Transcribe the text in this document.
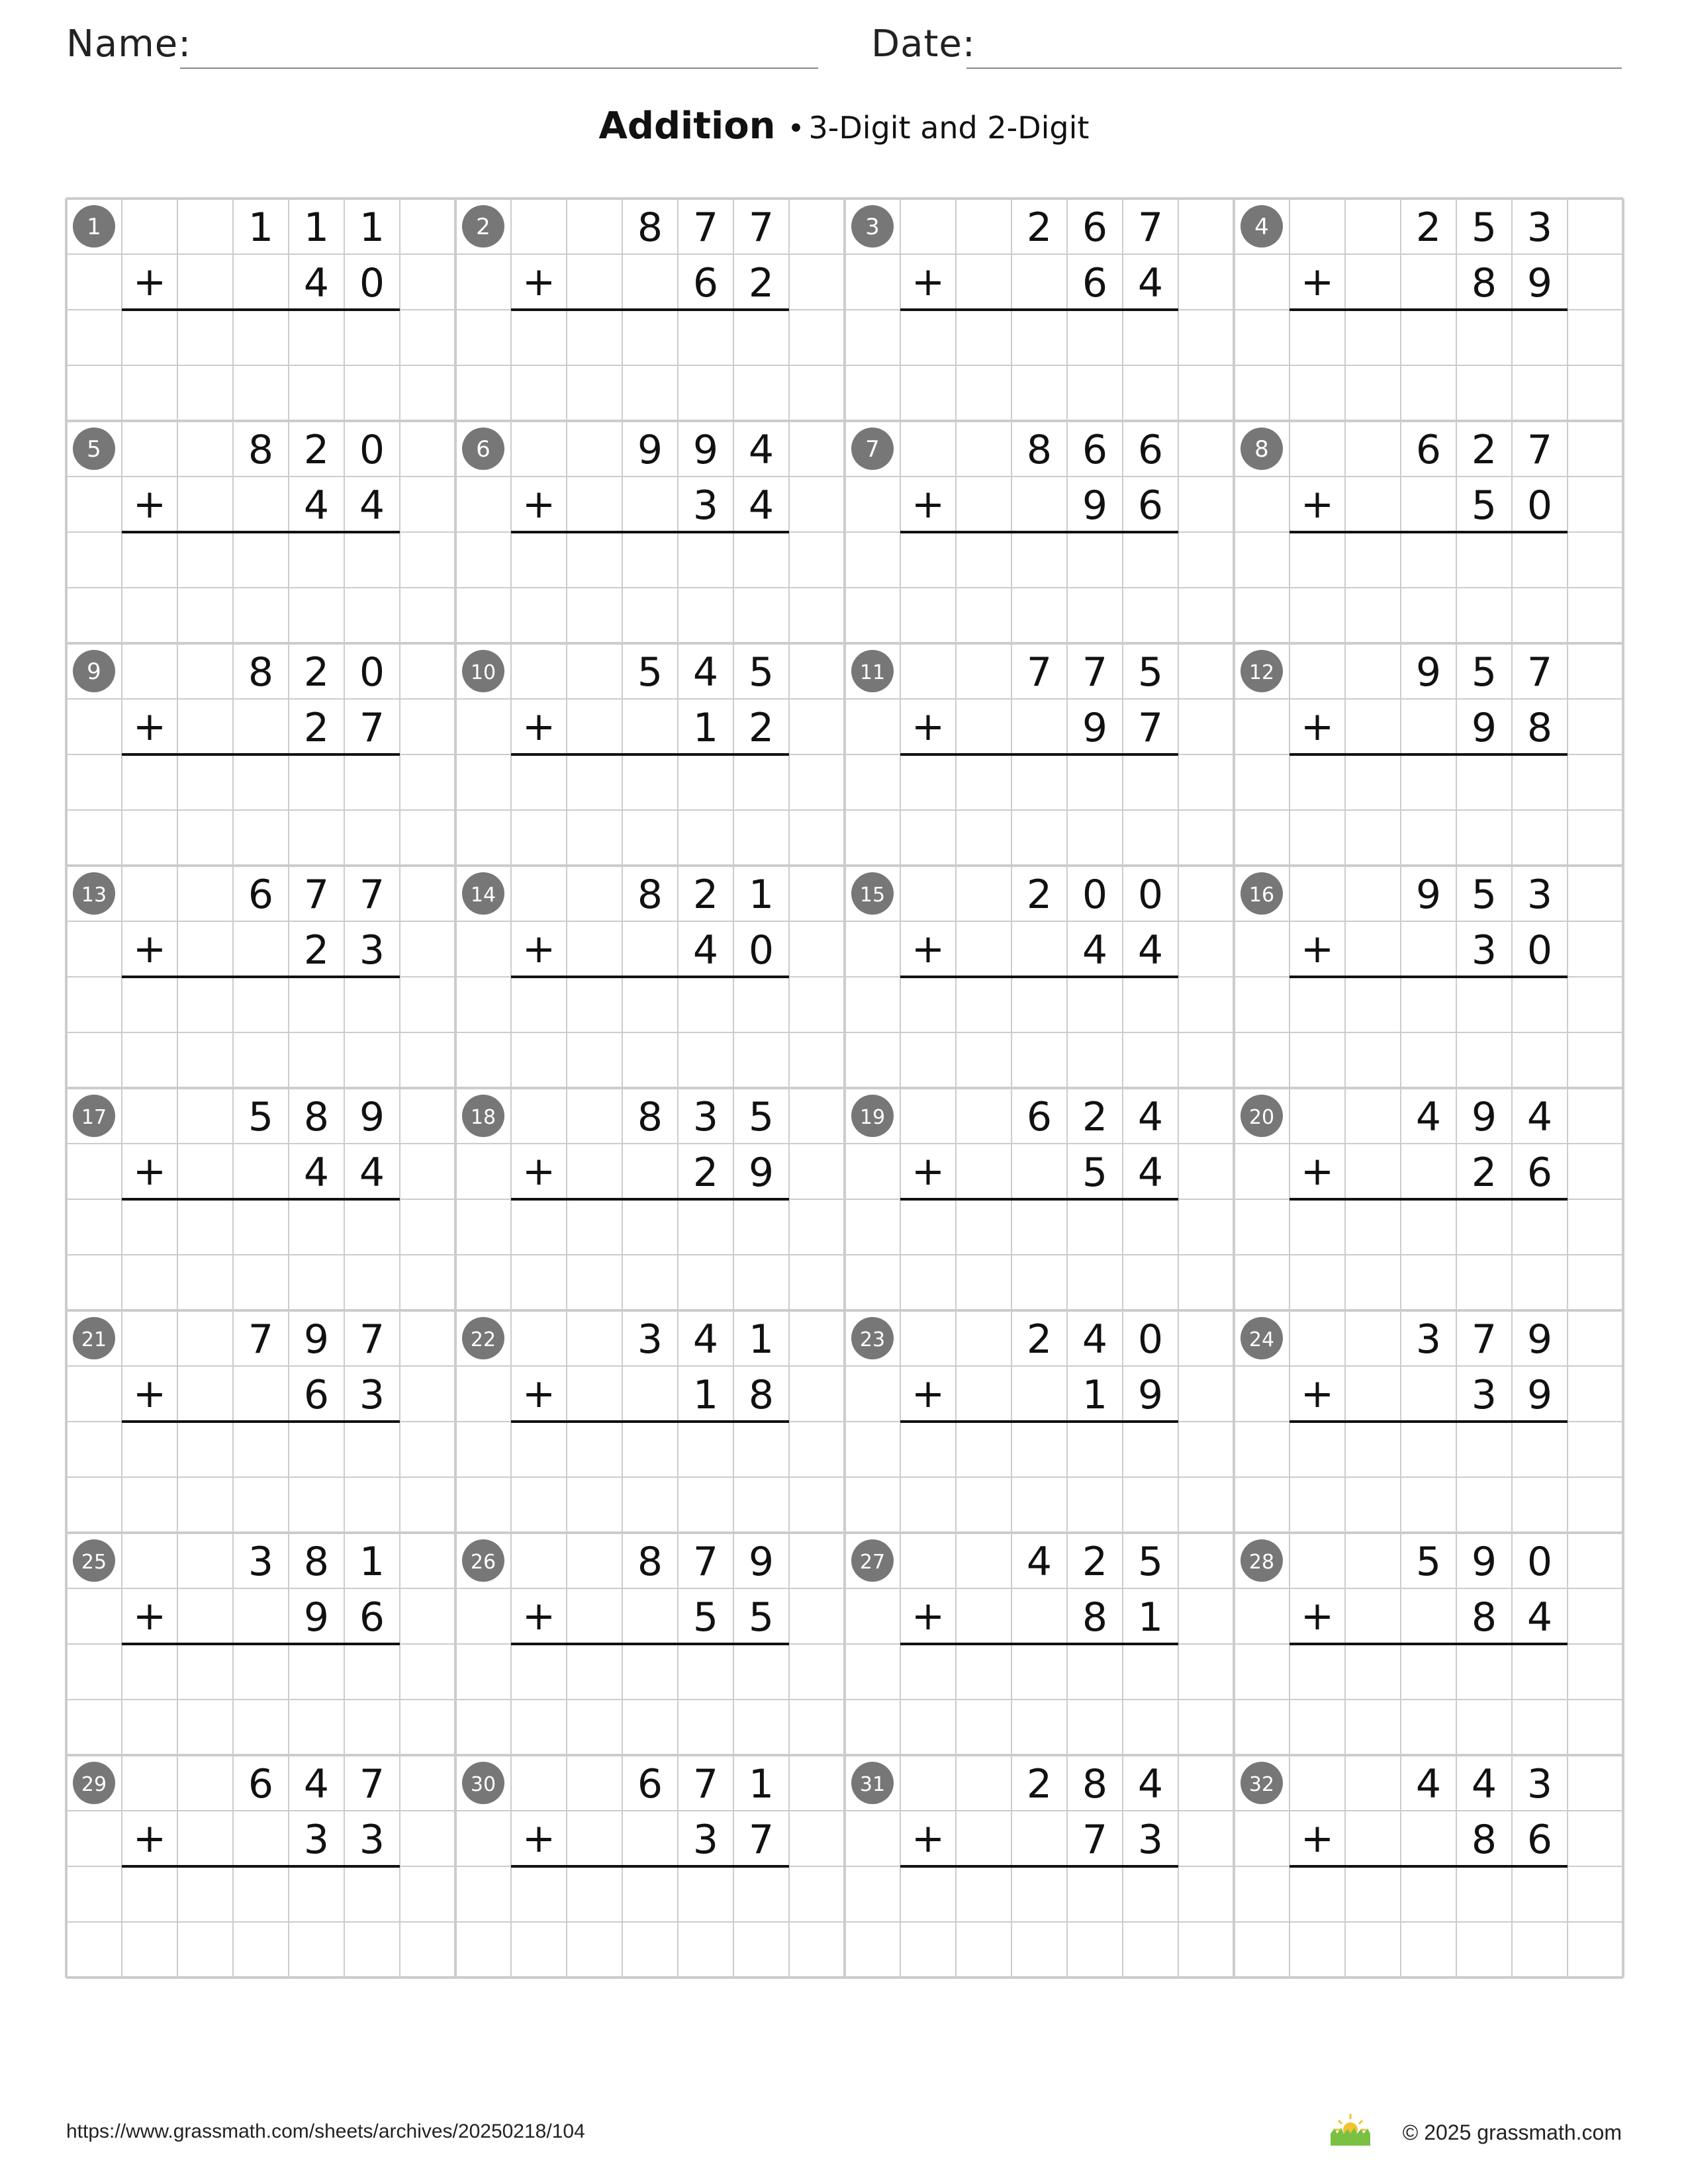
Name:	Date:
Addition • 3-Digit and 2-Digit
1	1 1 1
+	4 0
2	8 7 7
+	6 2
3	2 6 7
+	6 4
4	2 5 3
+	8 9
5	8 2 0
+	4 4
6	9 9 4
+	3 4
7	8 6 6
+	9 6
8	6 2 7
+	5 0
9	8 2 0
+	2 7
10	5 4 5
+	1 2
11	7 7 5
+	9 7
12	9 5 7
+	9 8
13	6 7 7
+	2 3
14	8 2 1
+	4 0
15	2 0 0
+	4 4
16	9 5 3
+	3 0
17	5 8 9
+	4 4
18	8 3 5
+	2 9
19	6 2 4
+	5 4
20	4 9 4
+	2 6
21	7 9 7
+	6 3
22	3 4 1
+	1 8
23	2 4 0
+	1 9
24	3 7 9
+	3 9
25	3 8 1
+	9 6
26	8 7 9
+	5 5
27	4 2 5
+	8 1
28	5 9 0
+	8 4
29	6 4 7
+	3 3
30	6 7 1
+	3 7
31	2 8 4
+	7 3
32	4 4 3
+	8 6
https://www.grassmath.com/sheets/archives/20250218/104	© 2025 grassmath.com
